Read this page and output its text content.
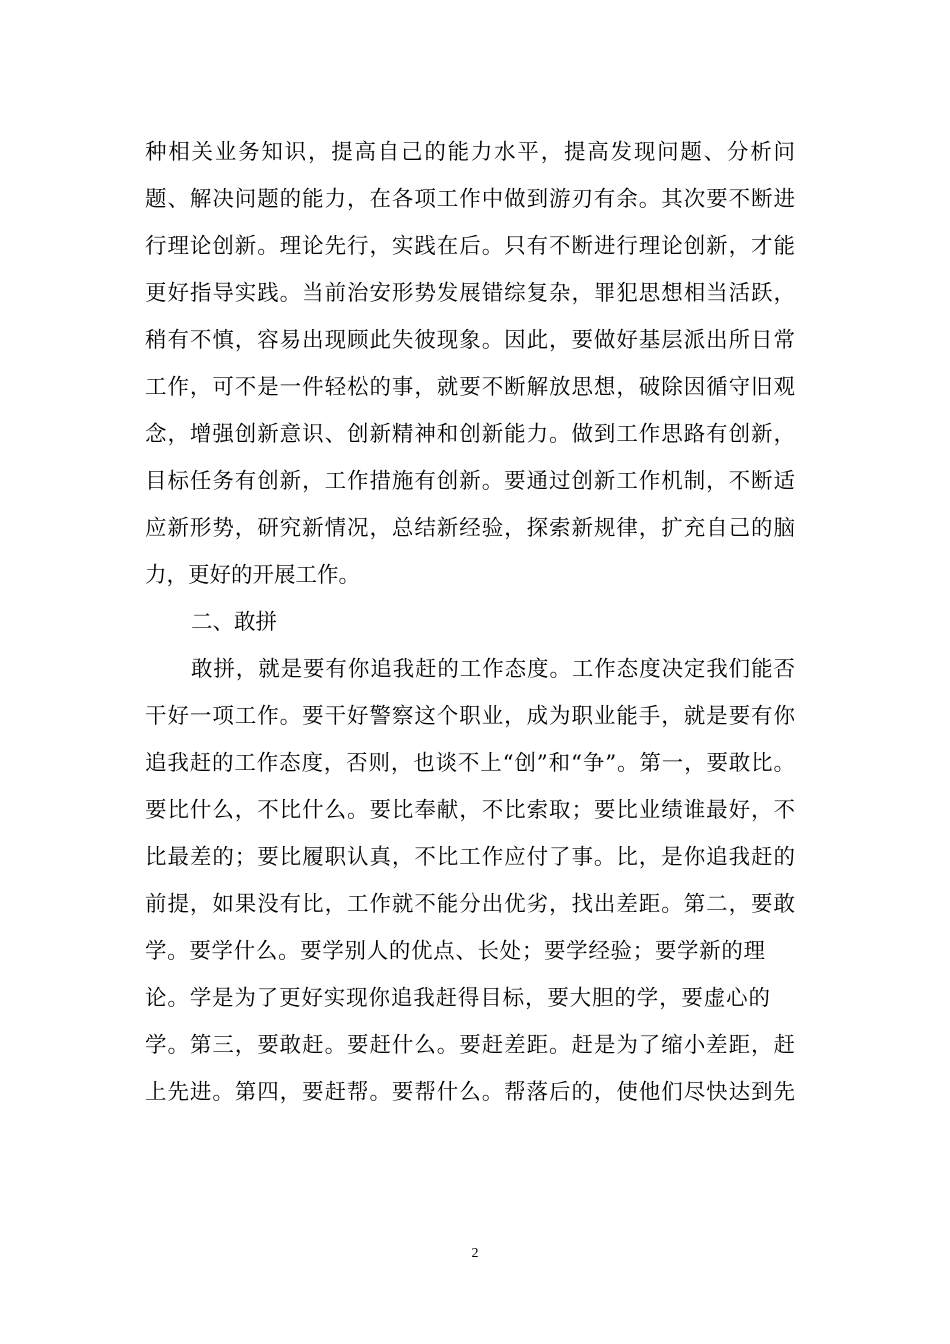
种相关业务知识，提高自己的能力水平，提高发现问题、分析问
题、解决问题的能力，在各项工作中做到游刃有余。其次要不断进
行理论创新。理论先行，实践在后。只有不断进行理论创新，才能
更好指导实践。当前治安形势发展错综复杂，罪犯思想相当活跃，
稍有不慎，容易出现顾此失彼现象。因此，要做好基层派出所日常
工作，可不是一件轻松的事，就要不断解放思想，破除因循守旧观
念，增强创新意识、创新精神和创新能力。做到工作思路有创新，
目标任务有创新，工作措施有创新。要通过创新工作机制，不断适
应新形势，研究新情况，总结新经验，探索新规律，扩充自己的脑
力，更好的开展工作。
二、敢拼
敢拼，就是要有你追我赶的工作态度。工作态度决定我们能否
干好一项工作。要干好警察这个职业，成为职业能手，就是要有你
追我赶的工作态度，否则，也谈不上“创”和“争”。第一，要敢比。
要比什么，不比什么。要比奉献，不比索取；要比业绩谁最好，不
比最差的；要比履职认真，不比工作应付了事。比，是你追我赶的
前提，如果没有比，工作就不能分出优劣，找出差距。第二，要敢
学。要学什么。要学别人的优点、长处；要学经验；要学新的理
论。学是为了更好实现你追我赶得目标，要大胆的学，要虚心的
学。第三，要敢赶。要赶什么。要赶差距。赶是为了缩小差距，赶
上先进。第四，要赶帮。要帮什么。帮落后的，使他们尽快达到先
2
